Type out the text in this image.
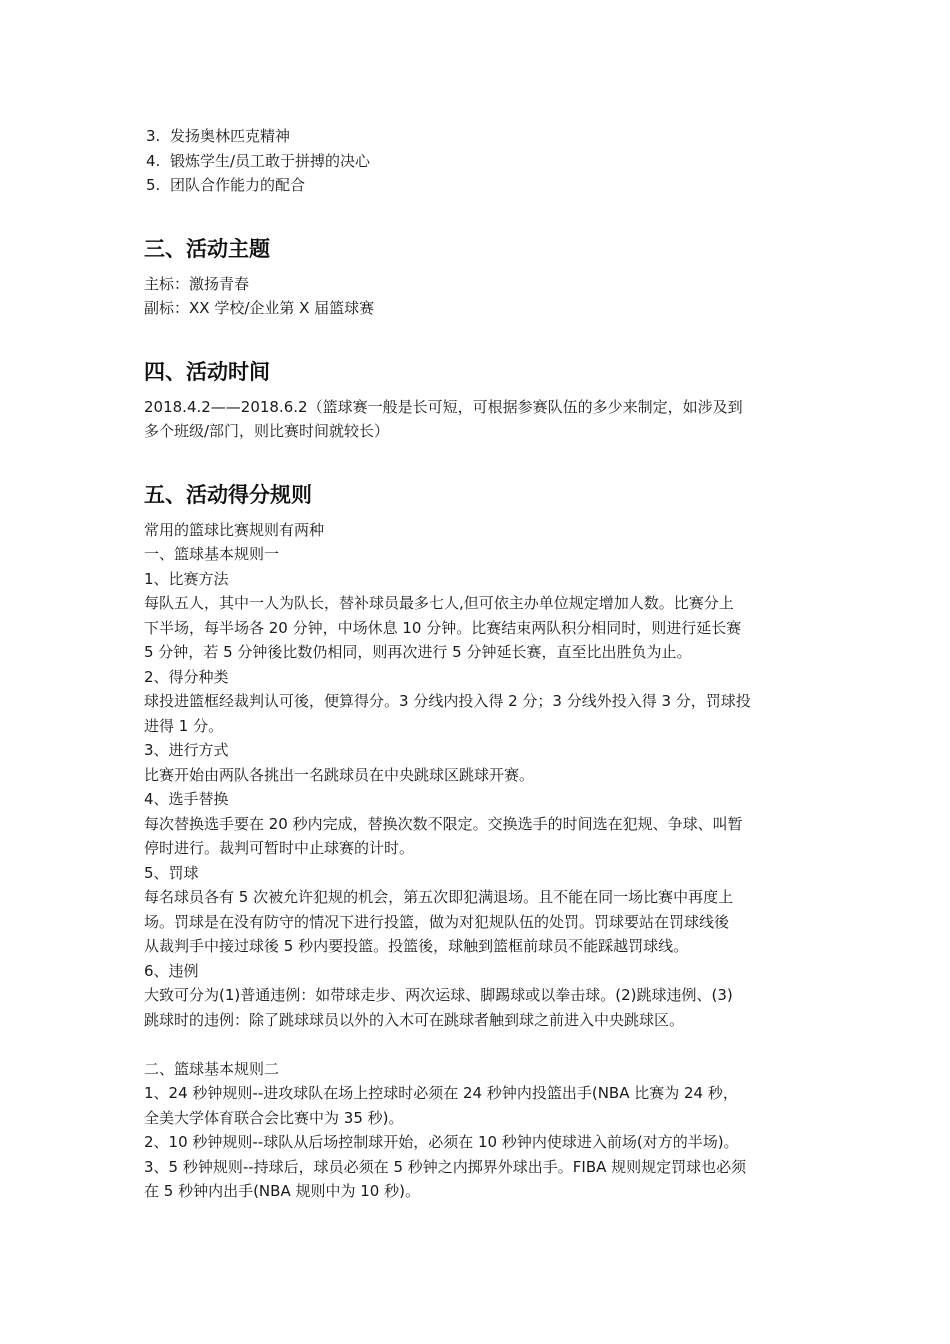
3. 发扬奥林匹克精神

4. 锻炼学生/员工敢于拼搏的决心

5. 团队合作能力的配合

三、活动主题

主标：激扬青春

副标：XX 学校/企业第 X 届篮球赛

四、活动时间

2018.4.2——2018.6.2（篮球赛一般是长可短，可根据参赛队伍的多少来制定，如涉及到

多个班级/部门，则比赛时间就较长）

五、活动得分规则

常用的篮球比赛规则有两种

一、篮球基本规则一

1、比赛方法

每队五人，其中一人为队长，替补球员最多七人,但可依主办单位规定增加人数。比赛分上

下半场，每半场各 20 分钟，中场休息 10 分钟。比赛结束两队积分相同时，则进行延长赛

5 分钟，若 5 分钟後比数仍相同，则再次进行 5 分钟延长赛，直至比出胜负为止。

2、得分种类

球投进篮框经裁判认可後，便算得分。3 分线内投入得 2 分；3 分线外投入得 3 分，罚球投

进得 1 分。

3、进行方式

比赛开始由两队各挑出一名跳球员在中央跳球区跳球开赛。

4、选手替换

每次替换选手要在 20 秒内完成，替换次数不限定。交换选手的时间选在犯规、争球、叫暂

停时进行。裁判可暂时中止球赛的计时。

5、罚球

每名球员各有 5 次被允许犯规的机会，第五次即犯满退场。且不能在同一场比赛中再度上

场。罚球是在没有防守的情况下进行投篮，做为对犯规队伍的处罚。罚球要站在罚球线後

从裁判手中接过球後 5 秒内要投篮。投篮後，球触到篮框前球员不能踩越罚球线。

6、违例

大致可分为(1)普通违例：如带球走步、两次运球、脚踢球或以拳击球。(2)跳球违例、(3)

跳球时的违例：除了跳球球员以外的入木可在跳球者触到球之前进入中央跳球区。

二、篮球基本规则二

1、24 秒钟规则--进攻球队在场上控球时必须在 24 秒钟内投篮出手(NBA 比赛为 24 秒，

全美大学体育联合会比赛中为 35 秒)。

2、10 秒钟规则--球队从后场控制球开始，必须在 10 秒钟内使球进入前场(对方的半场)。

3、5 秒钟规则--持球后，球员必须在 5 秒钟之内掷界外球出手。FIBA 规则规定罚球也必须

在 5 秒钟内出手(NBA 规则中为 10 秒)。
